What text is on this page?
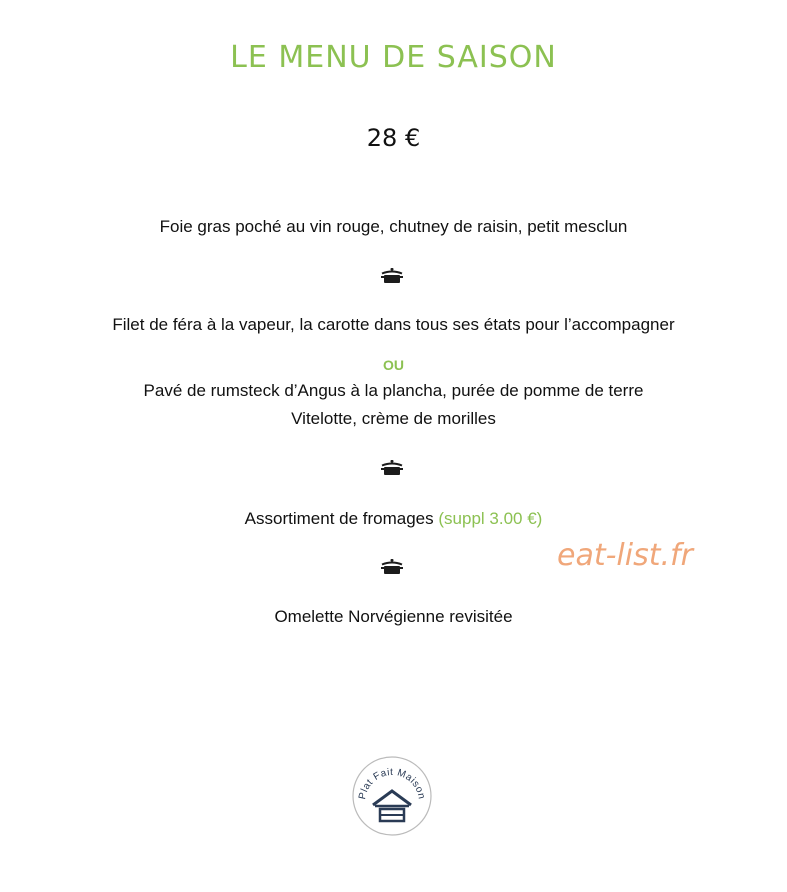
LE MENU DE SAISON
28 €
Foie gras poché au vin rouge, chutney de raisin, petit mesclun
Filet de féra à la vapeur, la carotte dans tous ses états pour l’accompagner
OU
Pavé de rumsteck d’Angus à la plancha, purée de pomme de terre
Vitelotte, crème de morilles
Assortiment de fromages (suppl 3.00 €)
eat-list.fr
Omelette Norvégienne revisitée
Plat Fait Maison
